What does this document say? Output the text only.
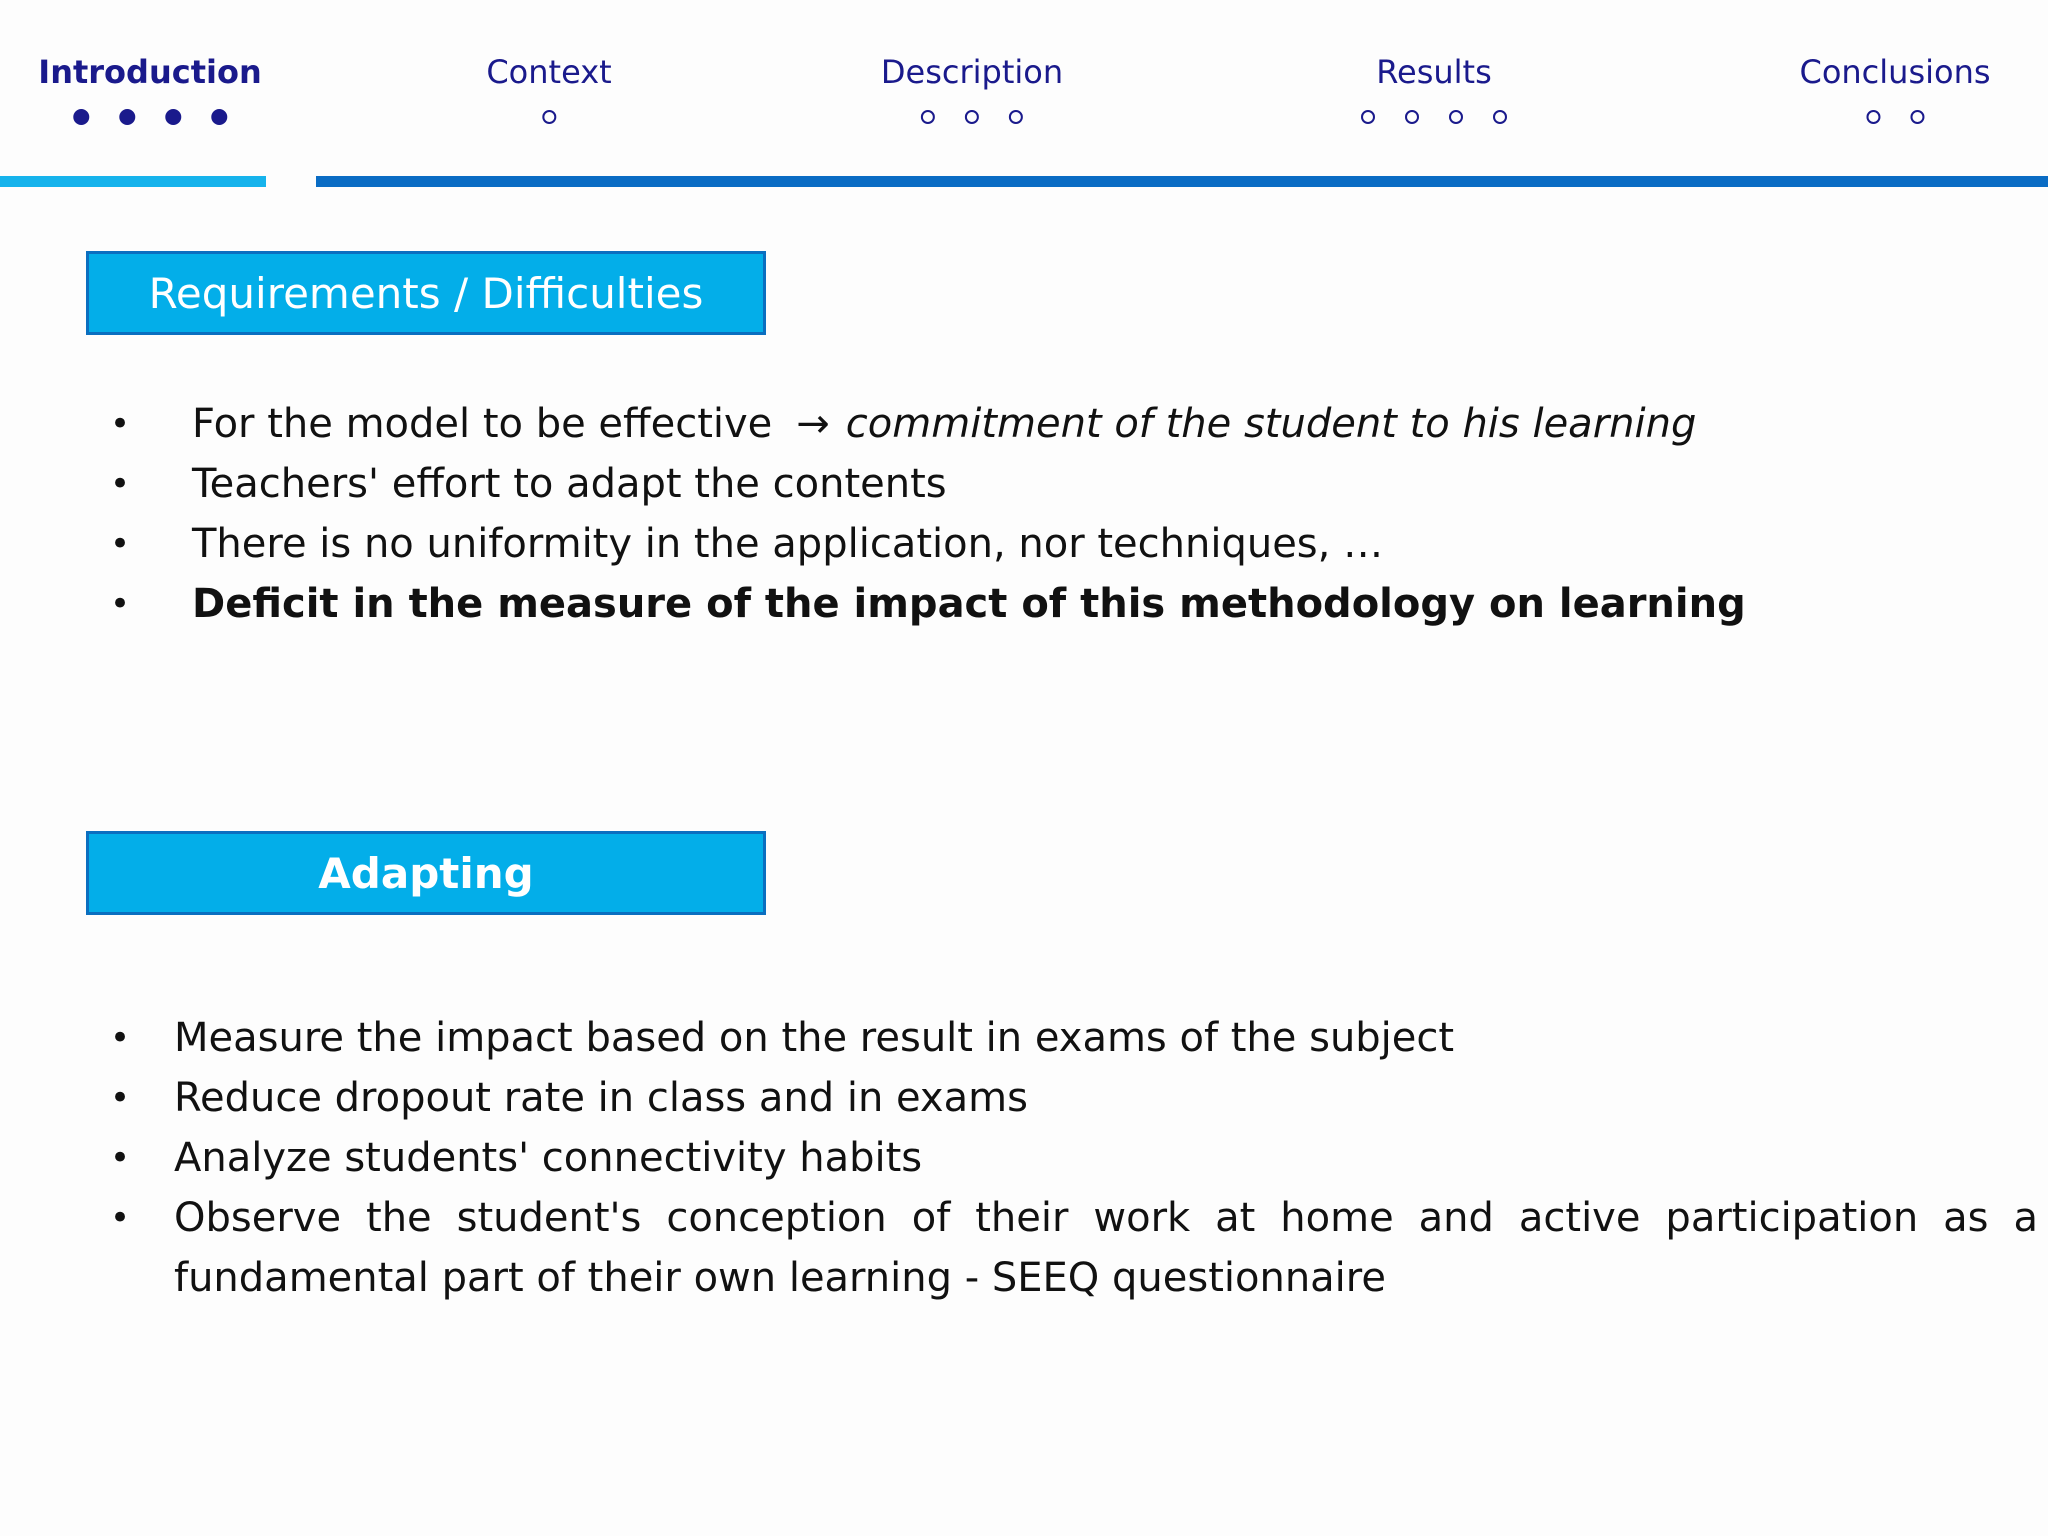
Introduction	Context	Description	Results	Conclusions
Requirements / Difficulties
•	For the model to be effective → commitment of the student to his learning
•	Teachers' effort to adapt the contents
•	There is no uniformity in the application, nor techniques, …
•	Deficit in the measure of the impact of this methodology on learning
Adapting
•	Measure the impact based on the result in exams of the subject
•	Reduce dropout rate in class and in exams
•	Analyze students' connectivity habits
•	Observe the student's conception of their work at home and active participation as a fundamental part of their own learning - SEEQ questionnaire
